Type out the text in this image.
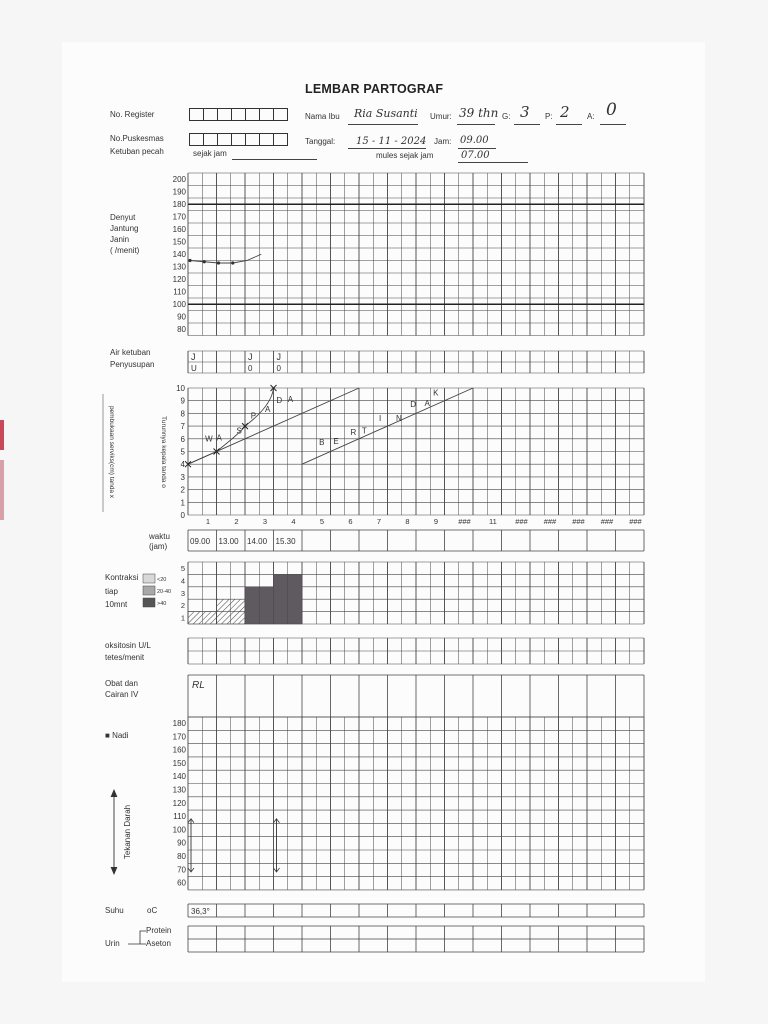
LEMBAR PARTOGRAF
No. Register
No.Puskesmas
Ketuban pecah	sejak jam
Nama Ibu Ria Susanti Umur: 39 thn G: 3 P: 2 A: 0
Tanggal: 15 - 11 - 2024 Jam: 09.00
mules sejak jam	07.00
Denyut
Jantung
Janin
( /menit)
Air ketuban
Penyusupan
waktu
(jam)
Kontraksi
tiap
10mnt
oksitosin U/L
tetes/menit
Obat dan
Cairan IV
■ Nadi
Suhu	oC
Protein
Urin	Aseton
200
190
180
170
160
150
140
130
120
110
100
90
80
J	J	J
U	0	0
10
9
8
7
6
5
4
3
2
1
0
1	2	3	4	5	6	7	8	9	### 11 ### ### ### ### ###
W A
S
P
A
D A
B E
R T
I N
D A
K
pembukaan serviks(cm) tanda x	Turunnya kepala tanda o
09.00 13.00 14.00 15.30
5
4
3
2
1
<20
20-40
>40
RL
180
170
160
150
140
130
120
110
100
90
80
70
60
Tekanan Darah
36,3°
